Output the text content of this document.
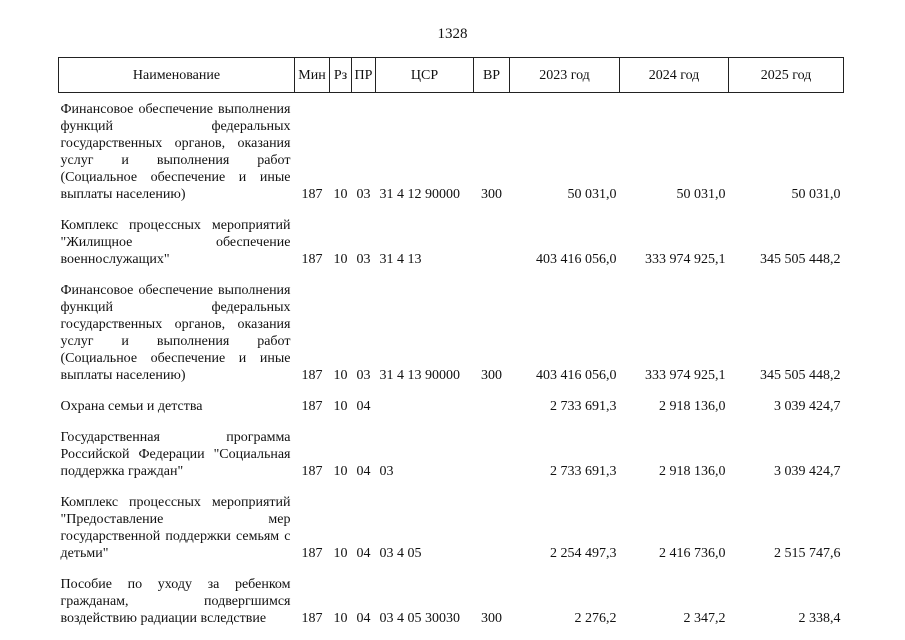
1328
Наименование	Мин	Рз	ПР	ЦСР	ВР	2023 год	2024 год	2025 год
Финансовое обеспечение выполнения функций федеральных государственных органов, оказания услуг и выполнения работ (Социальное обеспечение и иные выплаты населению)	187	10	03	31 4 12 90000	300	50 031,0	50 031,0	50 031,0
Комплекс процессных мероприятий "Жилищное обеспечение военнослужащих"	187	10	03	31 4 13		403 416 056,0	333 974 925,1	345 505 448,2
Финансовое обеспечение выполнения функций федеральных государственных органов, оказания услуг и выполнения работ (Социальное обеспечение и иные выплаты населению)	187	10	03	31 4 13 90000	300	403 416 056,0	333 974 925,1	345 505 448,2
Охрана семьи и детства	187	10	04			2 733 691,3	2 918 136,0	3 039 424,7
Государственная программа Российской Федерации "Социальная поддержка граждан"	187	10	04	03		2 733 691,3	2 918 136,0	3 039 424,7
Комплекс процессных мероприятий "Предоставление мер государственной поддержки семьям с детьми"	187	10	04	03 4 05		2 254 497,3	2 416 736,0	2 515 747,6
Пособие по уходу за ребенком гражданам, подвергшимся воздействию радиации вследствие	187	10	04	03 4 05 30030	300	2 276,2	2 347,2	2 338,4
